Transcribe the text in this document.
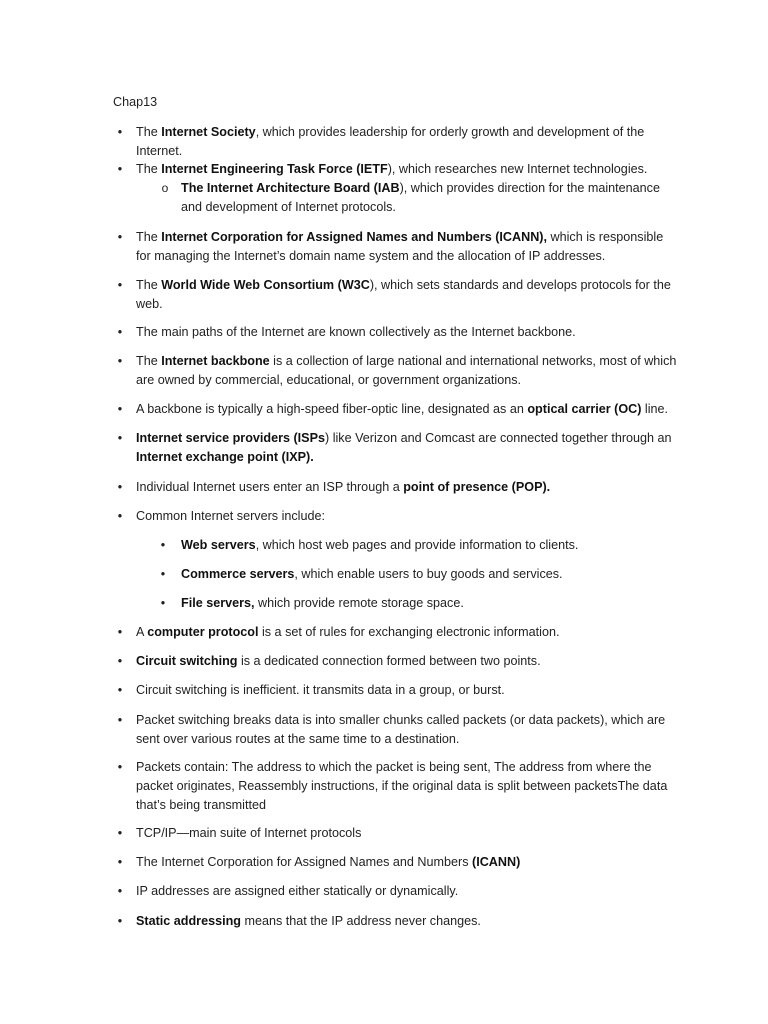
Chap13
•	The Internet Society, which provides leadership for orderly growth and development of the Internet.
•	The Internet Engineering Task Force (IETF), which researches new Internet technologies.
o The Internet Architecture Board (IAB), which provides direction for the maintenance and development of Internet protocols.
•	The Internet Corporation for Assigned Names and Numbers (ICANN), which is responsible for managing the Internet’s domain name system and the allocation of IP addresses.
•	The World Wide Web Consortium (W3C), which sets standards and develops protocols for the web.
•	The main paths of the Internet are known collectively as the Internet backbone.
•	The Internet backbone is a collection of large national and international networks, most of which are owned by commercial, educational, or government organizations.
•	A backbone is typically a high-speed fiber-optic line, designated as an optical carrier (OC) line.
•	Internet service providers (ISPs) like Verizon and Comcast are connected together through an Internet exchange point (IXP).
•	Individual Internet users enter an ISP through a point of presence (POP).
•	Common Internet servers include:
•	Web servers, which host web pages and provide information to clients.
•	Commerce servers, which enable users to buy goods and services.
•	File servers, which provide remote storage space.
•	A computer protocol is a set of rules for exchanging electronic information.
•	Circuit switching is a dedicated connection formed between two points.
•	Circuit switching is inefficient. it transmits data in a group, or burst.
•	Packet switching breaks data is into smaller chunks called packets (or data packets), which are sent over various routes at the same time to a destination.
•	Packets contain: The address to which the packet is being sent, The address from where the packet originates, Reassembly instructions, if the original data is split between packetsThe data that’s being transmitted
•	TCP/IP—main suite of Internet protocols
•	The Internet Corporation for Assigned Names and Numbers (ICANN)
•	IP addresses are assigned either statically or dynamically.
•	Static addressing means that the IP address never changes.
